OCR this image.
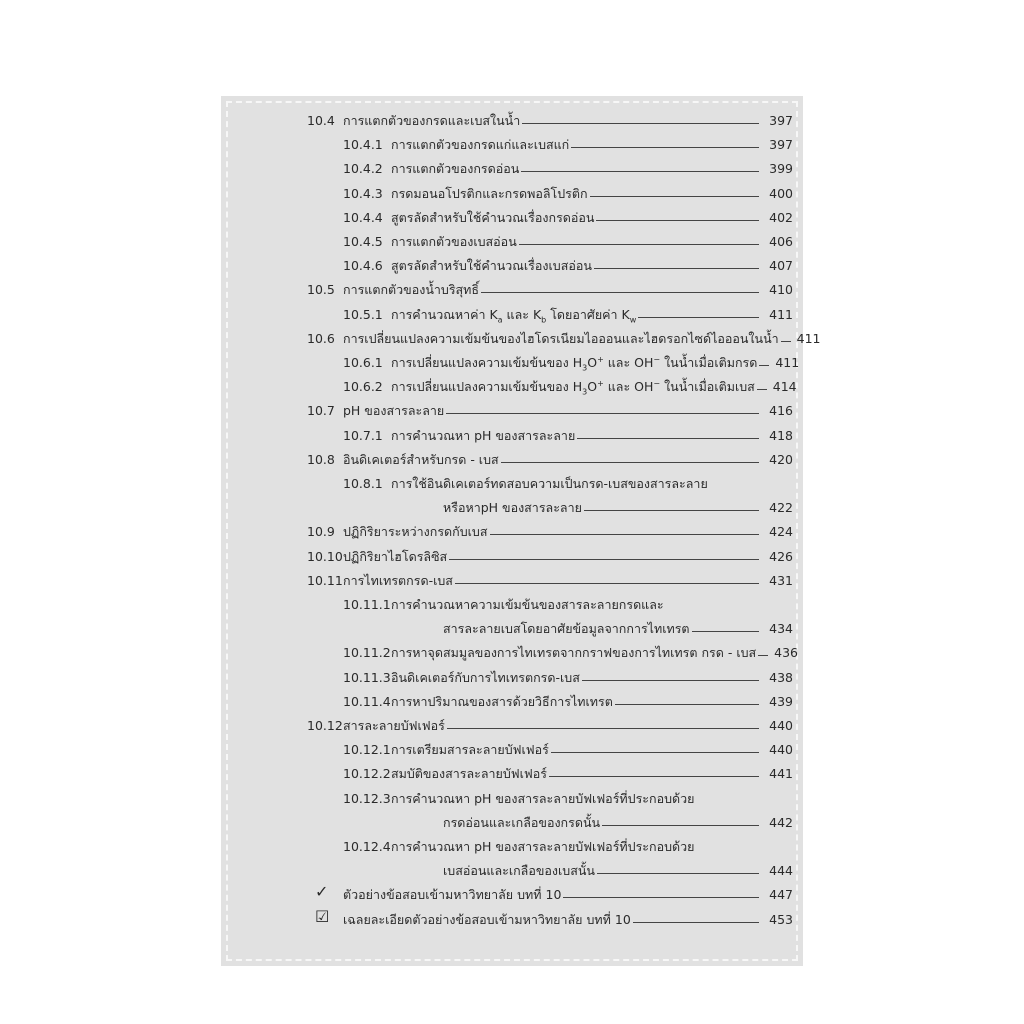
10.4 การแตกตัวของกรดและเบสในน้ำ	397
10.4.1 การแตกตัวของกรดแก่และเบสแก่	397
10.4.2 การแตกตัวของกรดอ่อน	399
10.4.3 กรดมอนอโปรติกและกรดพอลิโปรติก	400
10.4.4 สูตรลัดสำหรับใช้คำนวณเรื่องกรดอ่อน	402
10.4.5 การแตกตัวของเบสอ่อน	406
10.4.6 สูตรลัดสำหรับใช้คำนวณเรื่องเบสอ่อน	407
10.5 การแตกตัวของน้ำบริสุทธิ์	410
10.5.1 การคำนวณหาค่า $K_a$ และ $K_b$ โดยอาศัยค่า $K_w$	411
10.6 การเปลี่ยนแปลงความเข้มข้นของไฮโดรเนียมไอออนและไฮดรอกไซด์ไอออนในน้ำ 411
10.6.1 การเปลี่ยนแปลงความเข้มข้นของ $H_3O^+$ และ OH− ในน้ำเมื่อเติมกรด 411
10.6.2 การเปลี่ยนแปลงความเข้มข้นของ $H_3O^+$ และ OH− ในน้ำเมื่อเติมเบส 414
10.7 pH ของสารละลาย	416
10.7.1 การคำนวณหา pH ของสารละลาย	418
10.8 อินดิเคเตอร์สำหรับกรด - เบส	420
10.8.1 การใช้อินดิเคเตอร์ทดสอบความเป็นกรด-เบสของสารละลาย
หรือหาpH ของสารละลาย	422
10.9 ปฏิกิริยาระหว่างกรดกับเบส	424
10.10 ปฏิกิริยาไฮโดรลิซิส	426
10.11 การไทเทรตกรด-เบส	431
10.11.1 การคำนวณหาความเข้มข้นของสารละลายกรดและ
สารละลายเบสโดยอาศัยข้อมูลจากการไทเทรต	434
10.11.2 การหาจุดสมมูลของการไทเทรตจากกราฟของการไทเทรต กรด - เบส 436
10.11.3 อินดิเคเตอร์กับการไทเทรตกรด-เบส	438
10.11.4 การหาปริมาณของสารด้วยวิธีการไทเทรต	439
10.12 สารละลายบัฟเฟอร์	440
10.12.1 การเตรียมสารละลายบัฟเฟอร์	440
10.12.2 สมบัติของสารละลายบัฟเฟอร์	441
10.12.3 การคำนวณหา pH ของสารละลายบัฟเฟอร์ที่ประกอบด้วย
กรดอ่อนและเกลือของกรดนั้น	442
10.12.4 การคำนวณหา pH ของสารละลายบัฟเฟอร์ที่ประกอบด้วย
เบสอ่อนและเกลือของเบสนั้น	444
✓ ตัวอย่างข้อสอบเข้ามหาวิทยาลัย บทที่ 10	447
☑ เฉลยละเอียดตัวอย่างข้อสอบเข้ามหาวิทยาลัย บทที่ 10	453
